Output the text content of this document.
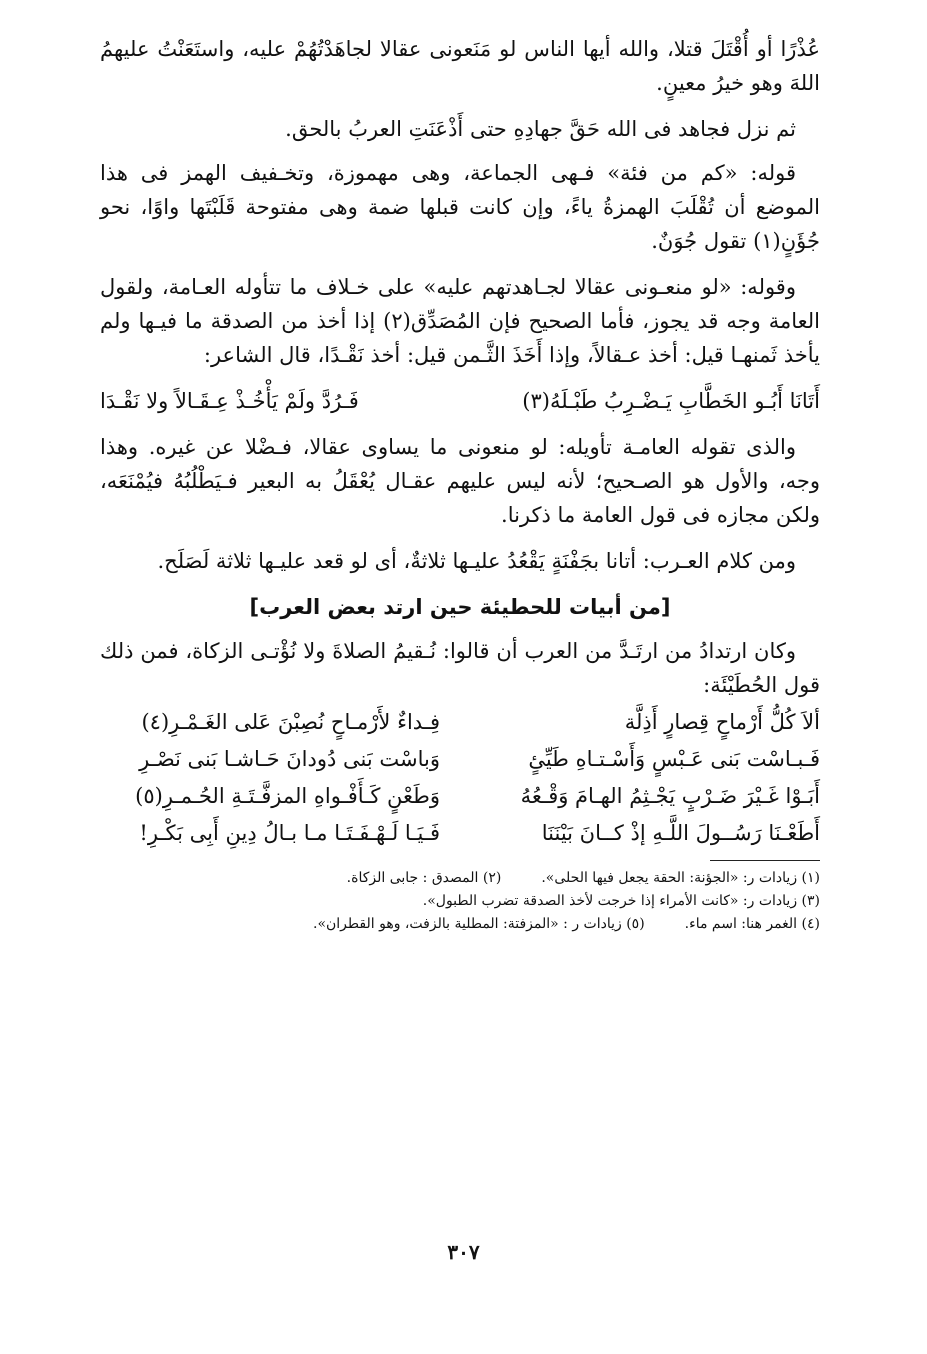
عُذْرًا أو أُقْتَلَ قتلا، والله أيها الناس لو مَنَعونى عقالا لجاهَدْتُهُمْ عليه، واستَعَنْتُ عليهمُ اللهَ وهو خيرُ معينٍ.

ثم نزل فجاهد فى الله حَقَّ جهادِهِ حتى أَذْعَنَتِ العربُ بالحق.

قوله: «كم من فئة» فـهى الجماعة، وهى مهموزة، وتخـفيف الهمز فى هذا الموضع أن تُقْلَبَ الهمزةُ ياءً، وإن كانت قبلها ضمة وهى مفتوحة قَلَبْتَها واوًا، نحو جُؤَنٍ(١) تقول جُوَنٌ.

وقوله: «لو منعـونى عقالا لجـاهدتهم عليه» على خـلاف ما تتأوله العـامة، ولقول العامة وجه قد يجوز، فأما الصحيح فإن المُصَدِّق(٢) إذا أخذ من الصدقة ما فيـها ولم يأخذ ثَمنهـا قيل: أخذ عـقالاً، وإذا أَخَذَ الثَّـمن قيل: أخذ نَقْـدًا، قال الشاعر:

أَتَانَا أَبُـو الخَطَّابِ يَـضْـرِبُ طَبْـلَهُ(٣)
فَـرُدَّ ولَمْ يَأْخُـذْ عِـقَـالاً ولا نَقْـدَا

والذى تقوله العامـة تأويله: لو منعونى ما يساوى عقالا، فـضْلا عن غيره. وهذا وجه، والأول هو الصـحيح؛ لأنه ليس عليهم عقـال يُعْقَلُ به البعير فـيَطْلُبُهُ فيُمْنَعَه، ولكن مجازه فى قول العامة ما ذكرنا.

ومن كلام العـرب: أتانا بجَفْنَةٍ يَقْعُدُ عليـها ثلاثةٌ، أى لو قعد عليـها ثلاثة لَصَلَح.

[من أبيات للحطيئة حين ارتد بعض العرب]

وكان ارتدادُ من ارتَـدَّ من العرب أن قالوا: نُـقيمُ الصلاةَ ولا نُؤْتـى الزكاة، فمن ذلك قول الحُطَيْئَة:

ألاَ كُلُّ أَرْماحٍ قِصارٍ أَذِلَّة
فِـداءٌ لأَرْمـاحٍ نُصِبْنَ عَلى الغَـمْـرِ(٤)
فَـبـاسْت بَنى عَـبْسٍ وَأَسْـتـاهِ طَيِّئٍ
وَباسْت بَنى دُودانَ حَـاشـا بَنى نَصْـرِ
أَبَـوْا غَـيْرَ ضَـرْبٍ يَجْـثِمُ الهـامَ وَقْـعُهُ
وَطَعْنٍ كَـأَفْـواهِ المزفَّـتَـةِ الحُـمـرِ(٥)
أَطَعْـنَا رَسُــولَ اللَّـهِ إذْ كــانَ بَيْنَنَا
فَـيَـا لَـهْـفَـتَـا مـا بـالُ دِينِ أَبِى بَكْـرِ!
(١) زيادات ر: «الجؤنة: الحقة يجعل فيها الحلى».
(٢) المصدق : جابى الزكاة.
(٣) زيادات ر: «كانت الأمراء إذا خرجت لأخذ الصدقة تضرب الطبول».
(٤) الغمر هنا: اسم ماء.
(٥) زيادات ر : «المزفتة: المطلية بالزفت، وهو القطران».
٣٠٧
